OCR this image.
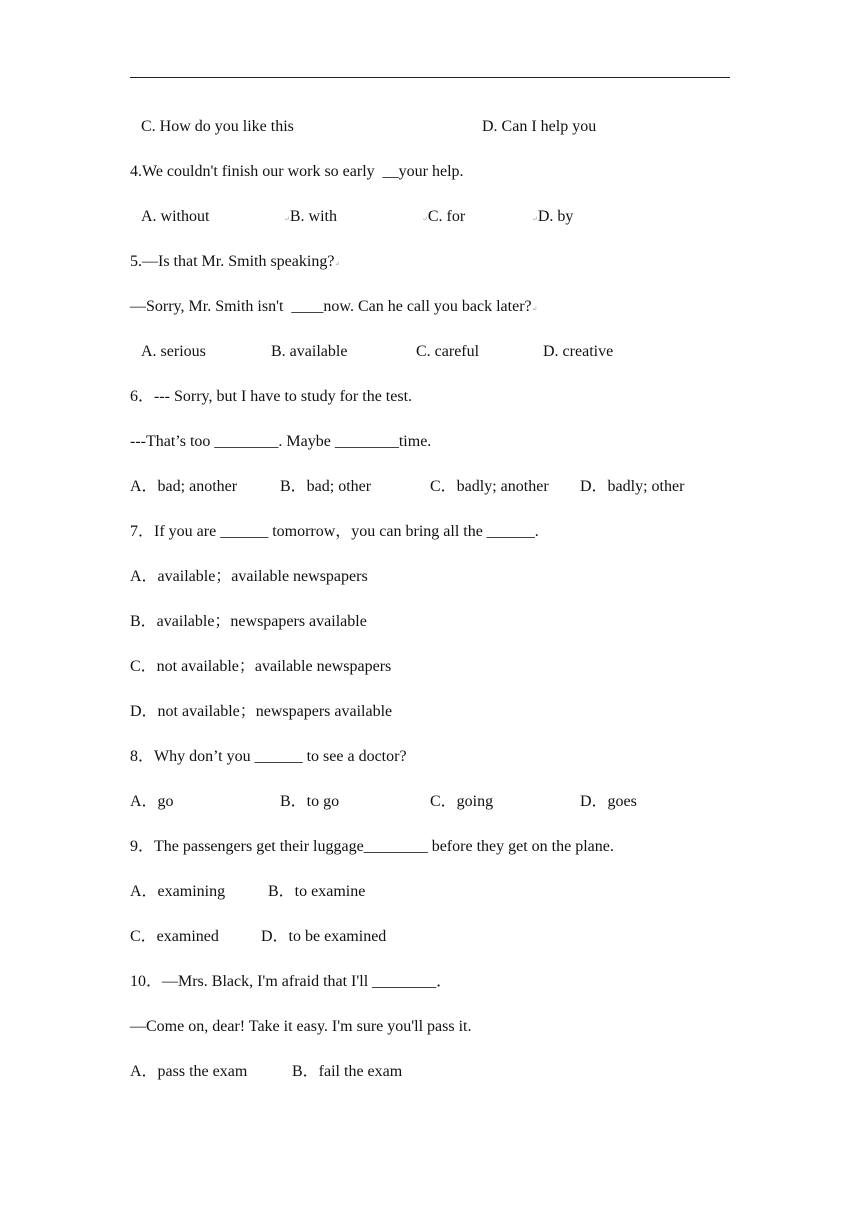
C. How do you like this	D. Can I help you
4.We couldn't finish our work so early  __your help.
A. without	↵B. with	↵C. for	↵D. by
5.—Is that Mr. Smith speaking?↵
—Sorry, Mr. Smith isn't  ____now. Can he call you back later?↵
A. serious	B. available	C. careful	D. creative
6．--- Sorry, but I have to study for the test.
---That’s too ________. Maybe ________time.
A．bad; another	B．bad; other	C．badly; another D．badly; other
7．If you are ______ tomorrow，you can bring all the ______.
A．available；available newspapers
B．available；newspapers available
C．not available；available newspapers
D．not available；newspapers available
8．Why don’t you ______ to see a doctor?
A．go	B．to go	C．going	D．goes
9．The passengers get their luggage________ before they get on the plane.
A．examining	B．to examine
C．examined	D．to be examined
10．—Mrs. Black, I'm afraid that I'll ________．
—Come on, dear! Take it easy. I'm sure you'll pass it.
A．pass the exam	B．fail the exam
